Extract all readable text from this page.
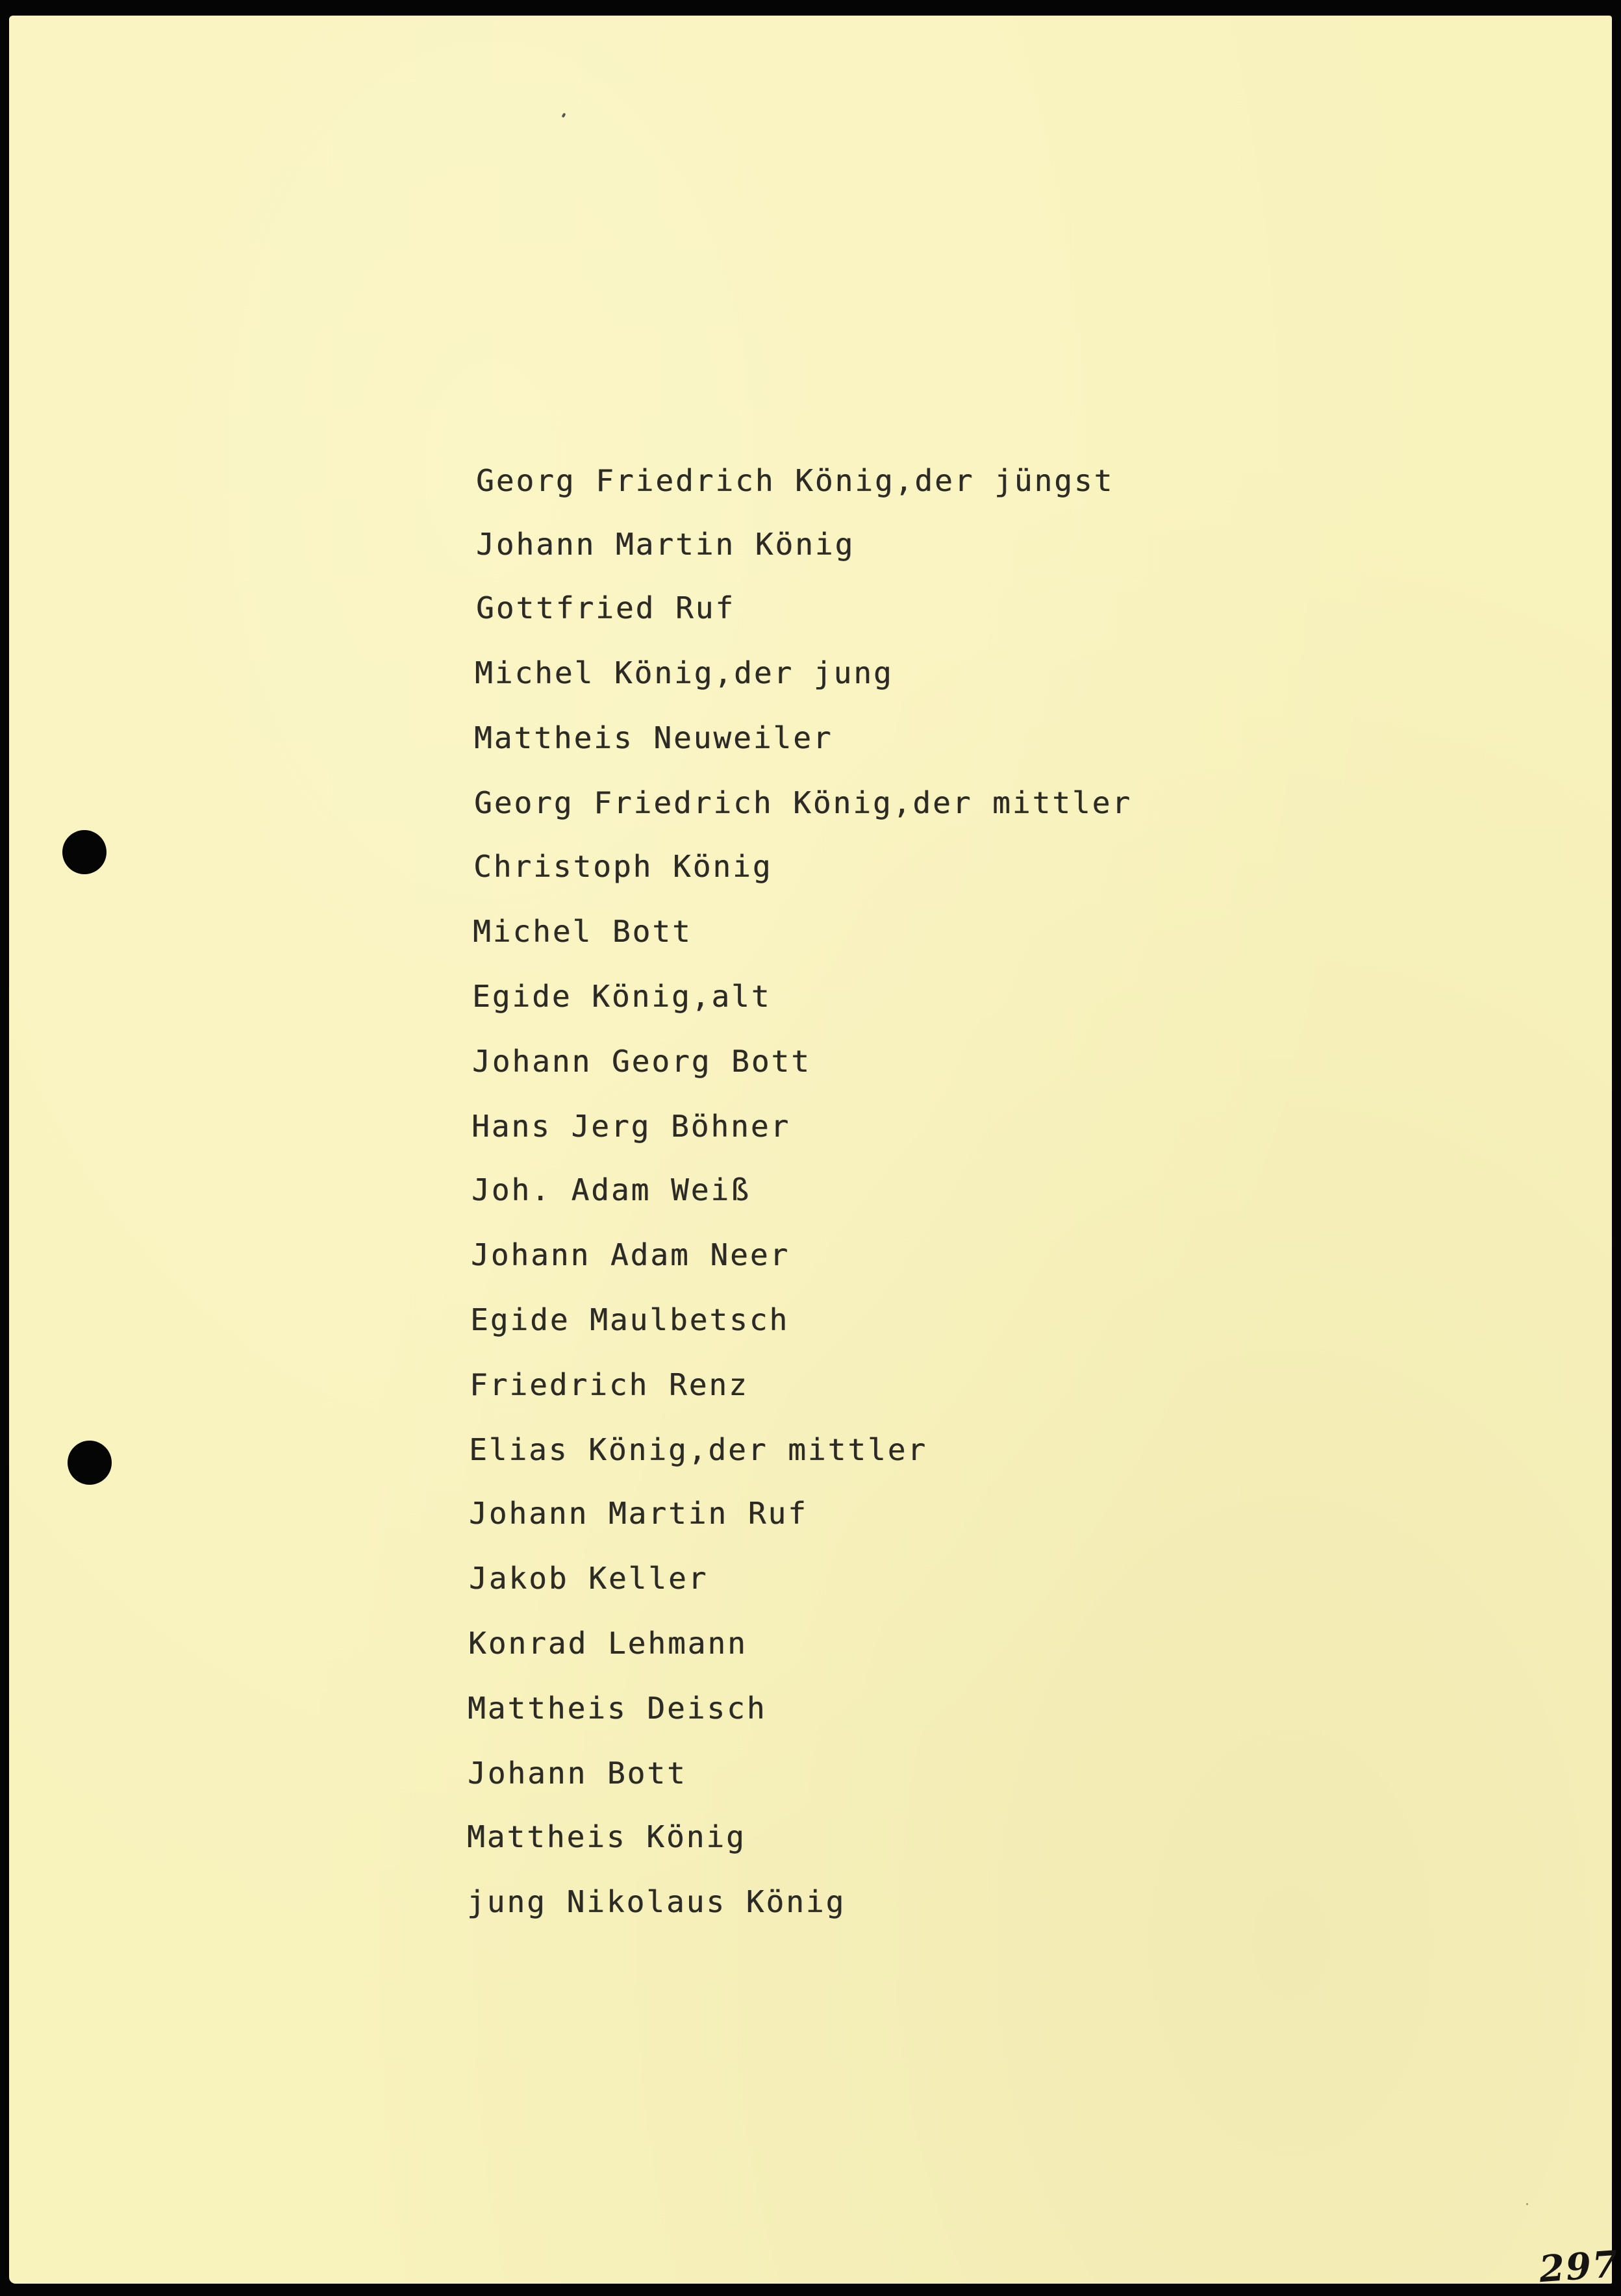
Georg Friedrich König,der jüngst
Johann Martin König
Gottfried Ruf
Michel König,der jung
Mattheis Neuweiler
Georg Friedrich König,der mittler
Christoph König
Michel Bott
Egide König,alt
Johann Georg Bott
Hans Jerg Böhner
Joh. Adam Weiß
Johann Adam Neer
Egide Maulbetsch
Friedrich Renz
Elias König,der mittler
Johann Martin Ruf
Jakob Keller
Konrad Lehmann
Mattheis Deisch
Johann Bott
Mattheis König
jung Nikolaus König
297
